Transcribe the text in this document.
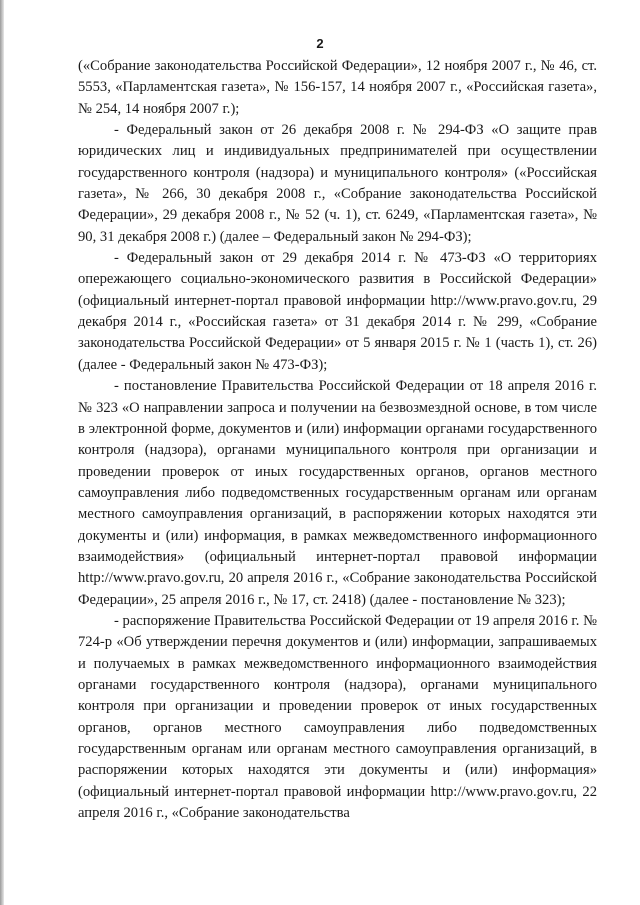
2

(«Собрание законодательства Российской Федерации», 12 ноября 2007 г., № 46, ст. 5553, «Парламентская газета», № 156-157, 14 ноября 2007 г., «Российская газета», № 254, 14 ноября 2007 г.);

- Федеральный закон от 26 декабря 2008 г. № 294-ФЗ «О защите прав юридических лиц и индивидуальных предпринимателей при осуществлении государственного контроля (надзора) и муниципального контроля» («Российская газета», № 266, 30 декабря 2008 г., «Собрание законодательства Российской Федерации», 29 декабря 2008 г., № 52 (ч. 1), ст. 6249, «Парламентская газета», № 90, 31 декабря 2008 г.) (далее – Федеральный закон № 294-ФЗ);

- Федеральный закон от 29 декабря 2014 г. № 473-ФЗ «О территориях опережающего социально-экономического развития в Российской Федерации» (официальный интернет-портал правовой информации http://www.pravo.gov.ru, 29 декабря 2014 г., «Российская газета» от 31 декабря 2014 г. № 299, «Собрание законодательства Российской Федерации» от 5 января 2015 г. № 1 (часть 1), ст. 26) (далее - Федеральный закон № 473-ФЗ);

- постановление Правительства Российской Федерации от 18 апреля 2016 г. № 323 «О направлении запроса и получении на безвозмездной основе, в том числе в электронной форме, документов и (или) информации органами государственного контроля (надзора), органами муниципального контроля при организации и проведении проверок от иных государственных органов, органов местного самоуправления либо подведомственных государственным органам или органам местного самоуправления организаций, в распоряжении которых находятся эти документы и (или) информация, в рамках межведомственного информационного взаимодействия» (официальный интернет-портал правовой информации http://www.pravo.gov.ru, 20 апреля 2016 г., «Собрание законодательства Российской Федерации», 25 апреля 2016 г., № 17, ст. 2418) (далее - постановление № 323);

- распоряжение Правительства Российской Федерации от 19 апреля 2016 г. № 724-р «Об утверждении перечня документов и (или) информации, запрашиваемых и получаемых в рамках межведомственного информационного взаимодействия органами государственного контроля (надзора), органами муниципального контроля при организации и проведении проверок от иных государственных органов, органов местного самоуправления либо подведомственных государственным органам или органам местного самоуправления организаций, в распоряжении которых находятся эти документы и (или) информация» (официальный интернет-портал правовой информации http://www.pravo.gov.ru, 22 апреля 2016 г., «Собрание законодательства
